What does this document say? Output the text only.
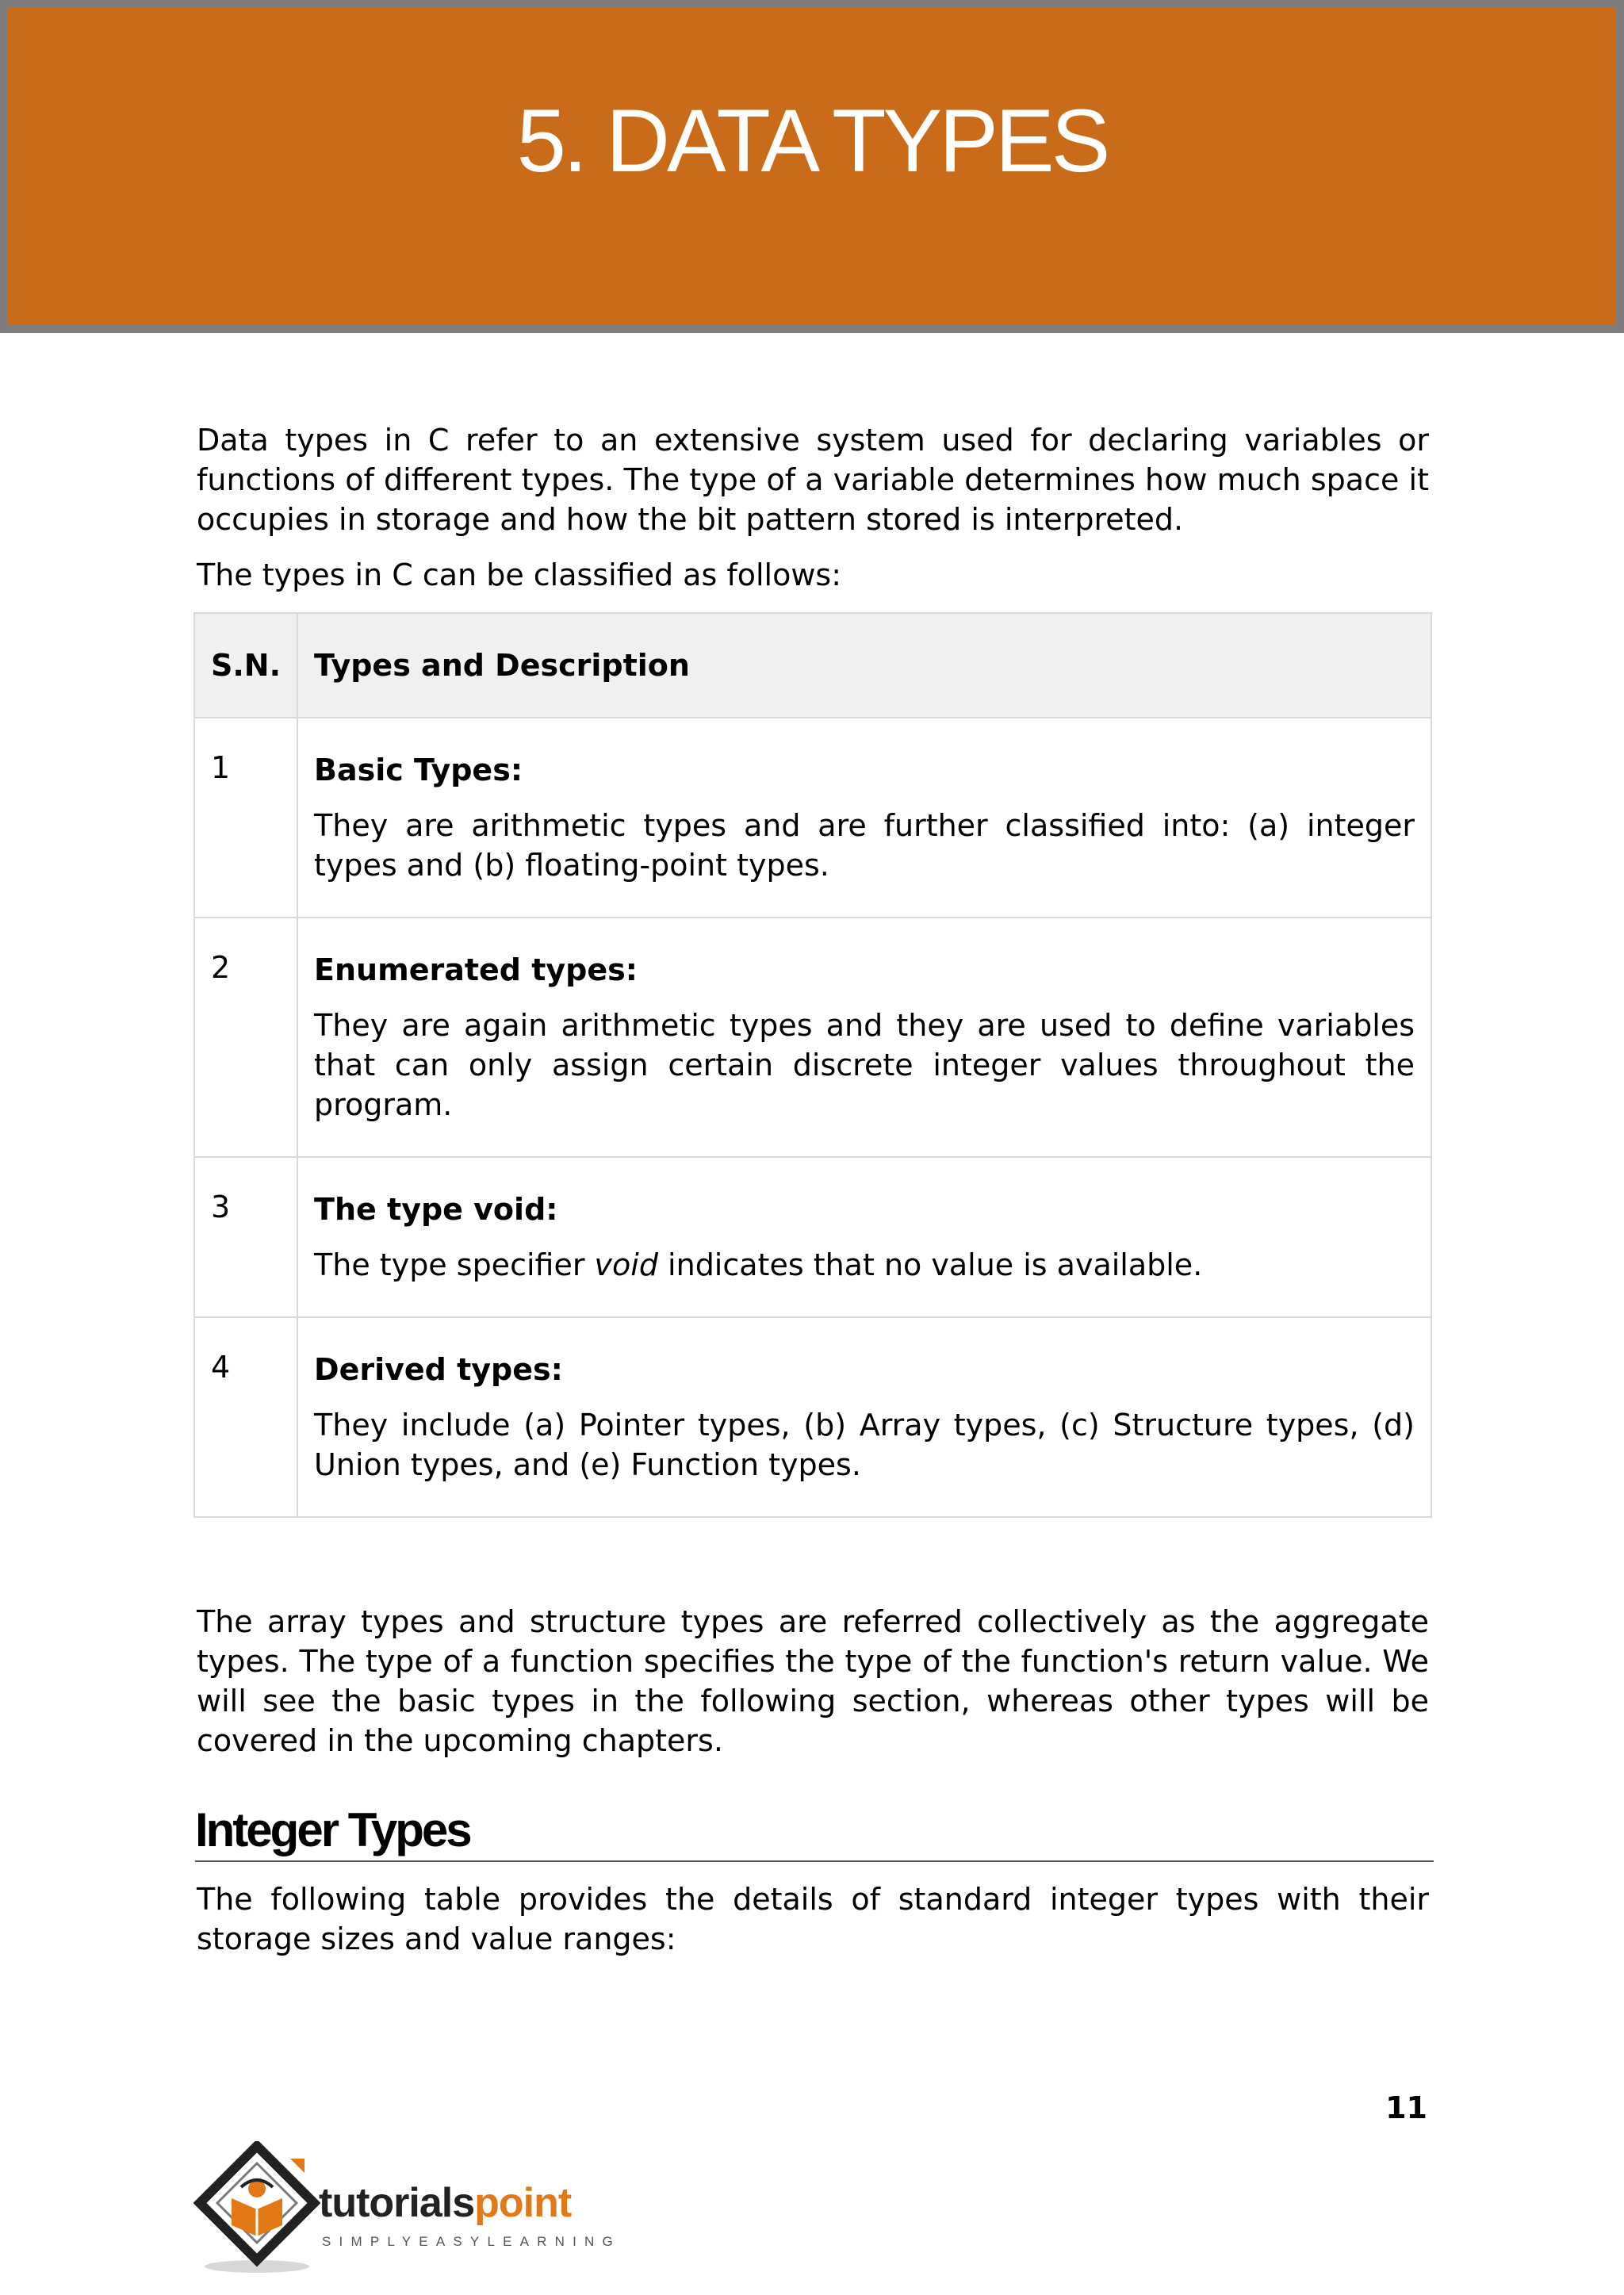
5. DATA TYPES

Data types in C refer to an extensive system used for declaring variables or functions of different types. The type of a variable determines how much space it occupies in storage and how the bit pattern stored is interpreted.

The types in C can be classified as follows:

S.N.	Types and Description
1	Basic Types:
They are arithmetic types and are further classified into: (a) integer types and (b) floating-point types.

2	Enumerated types:
They are again arithmetic types and they are used to define variables that can only assign certain discrete integer values throughout the program.

3	The type void:
The type specifier void indicates that no value is available.

4	Derived types:
They include (a) Pointer types, (b) Array types, (c) Structure types, (d) Union types, and (e) Function types.

The array types and structure types are referred collectively as the aggregate types. The type of a function specifies the type of the function's return value. We will see the basic types in the following section, whereas other types will be covered in the upcoming chapters.

Integer Types

The following table provides the details of standard integer types with their storage sizes and value ranges:

11
tutorialspoint
SIMPLYEASYLEARNING
